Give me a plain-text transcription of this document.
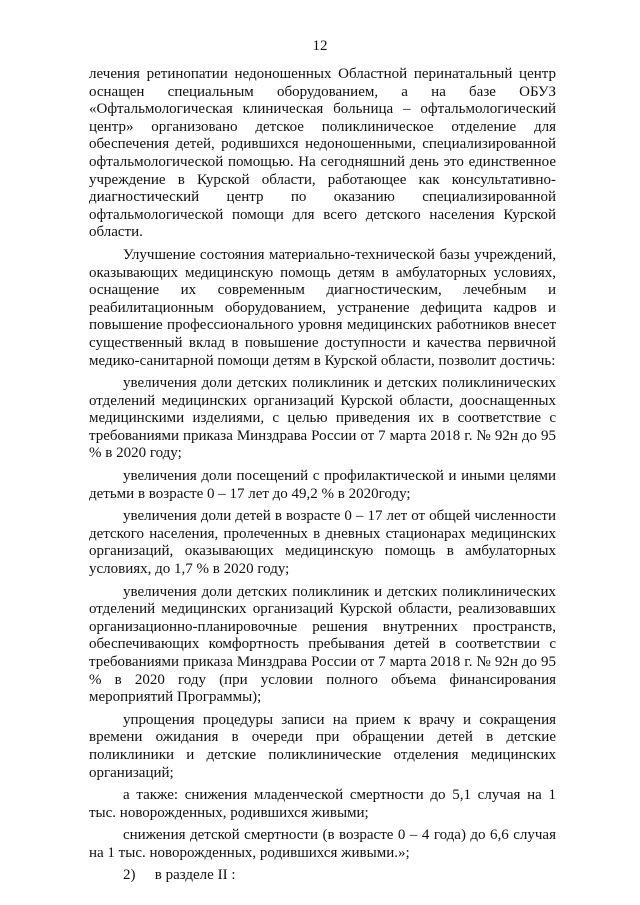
12

лечения ретинопатии недоношенных Областной перинатальный центр оснащен специальным оборудованием, а на базе ОБУЗ «Офтальмологическая клиническая больница – офтальмологический центр» организовано детское поликлиническое отделение для обеспечения детей, родившихся недоношенными, специализированной офтальмологической помощью. На сегодняшний день это единственное учреждение в Курской области, работающее как консультативно-диагностический центр по оказанию специализированной офтальмологической помощи для всего детского населения Курской области.

Улучшение состояния материально-технической базы учреждений, оказывающих медицинскую помощь детям в амбулаторных условиях, оснащение их современным диагностическим, лечебным и реабилитационным оборудованием, устранение дефицита кадров и повышение профессионального уровня медицинских работников внесет существенный вклад в повышение доступности и качества первичной медико-санитарной помощи детям в Курской области, позволит достичь:

увеличения доли детских поликлиник и детских поликлинических отделений медицинских организаций Курской области, дооснащенных медицинскими изделиями, с целью приведения их в соответствие с требованиями приказа Минздрава России от 7 марта 2018 г. № 92н до 95 % в 2020 году;

увеличения доли посещений с профилактической и иными целями детьми в возрасте 0 – 17 лет до 49,2 % в 2020году;

увеличения доли детей в возрасте 0 – 17 лет от общей численности детского населения, пролеченных в дневных стационарах медицинских организаций, оказывающих медицинскую помощь в амбулаторных условиях, до 1,7 % в 2020 году;

увеличения доли детских поликлиник и детских поликлинических отделений медицинских организаций Курской области, реализовавших организационно-планировочные решения внутренних пространств, обеспечивающих комфортность пребывания детей в соответствии с требованиями приказа Минздрава России от 7 марта 2018 г. № 92н до 95 % в 2020 году (при условии полного объема финансирования мероприятий Программы);

упрощения процедуры записи на прием к врачу и сокращения времени ожидания в очереди при обращении детей в детские поликлиники и детские поликлинические отделения медицинских организаций;

а также: снижения младенческой смертности до 5,1 случая на 1 тыс. новорожденных, родившихся живыми;

снижения детской смертности (в возрасте 0 – 4 года) до 6,6 случая на 1 тыс. новорожденных, родившихся живыми.»;

2) в разделе II :
